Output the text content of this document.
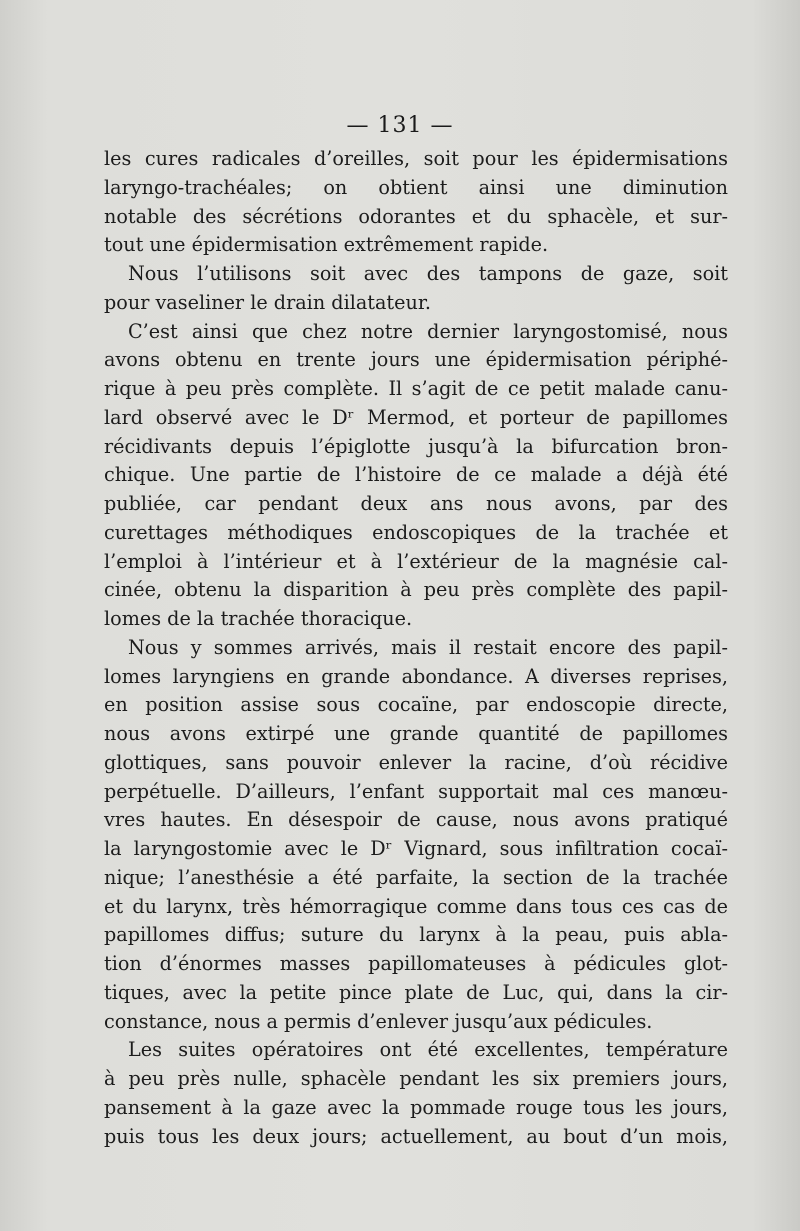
— 131 —
les cures radicales d’oreilles, soit pour les épidermisations
laryngo-trachéales; on obtient ainsi une diminution
notable des sécrétions odorantes et du sphacèle, et sur-
tout une épidermisation extrêmement rapide.
Nous l’utilisons soit avec des tampons de gaze, soit
pour vaseliner le drain dilatateur.
C’est ainsi que chez notre dernier laryngostomisé, nous
avons obtenu en trente jours une épidermisation périphé-
rique à peu près complète. Il s’agit de ce petit malade canu-
lard observé avec le Dʳ Mermod, et porteur de papillomes
récidivants depuis l’épiglotte jusqu’à la bifurcation bron-
chique. Une partie de l’histoire de ce malade a déjà été
publiée, car pendant deux ans nous avons, par des
curettages méthodiques endoscopiques de la trachée et
l’emploi à l’intérieur et à l’extérieur de la magnésie cal-
cinée, obtenu la disparition à peu près complète des papil-
lomes de la trachée thoracique.
Nous y sommes arrivés, mais il restait encore des papil-
lomes laryngiens en grande abondance. A diverses reprises,
en position assise sous cocaïne, par endoscopie directe,
nous avons extirpé une grande quantité de papillomes
glottiques, sans pouvoir enlever la racine, d’où récidive
perpétuelle. D’ailleurs, l’enfant supportait mal ces manœu-
vres hautes. En désespoir de cause, nous avons pratiqué
la laryngostomie avec le Dʳ Vignard, sous infiltration cocaï-
nique; l’anesthésie a été parfaite, la section de la trachée
et du larynx, très hémorragique comme dans tous ces cas de
papillomes diffus; suture du larynx à la peau, puis abla-
tion d’énormes masses papillomateuses à pédicules glot-
tiques, avec la petite pince plate de Luc, qui, dans la cir-
constance, nous a permis d’enlever jusqu’aux pédicules.
Les suites opératoires ont été excellentes, température
à peu près nulle, sphacèle pendant les six premiers jours,
pansement à la gaze avec la pommade rouge tous les jours,
puis tous les deux jours; actuellement, au bout d’un mois,
